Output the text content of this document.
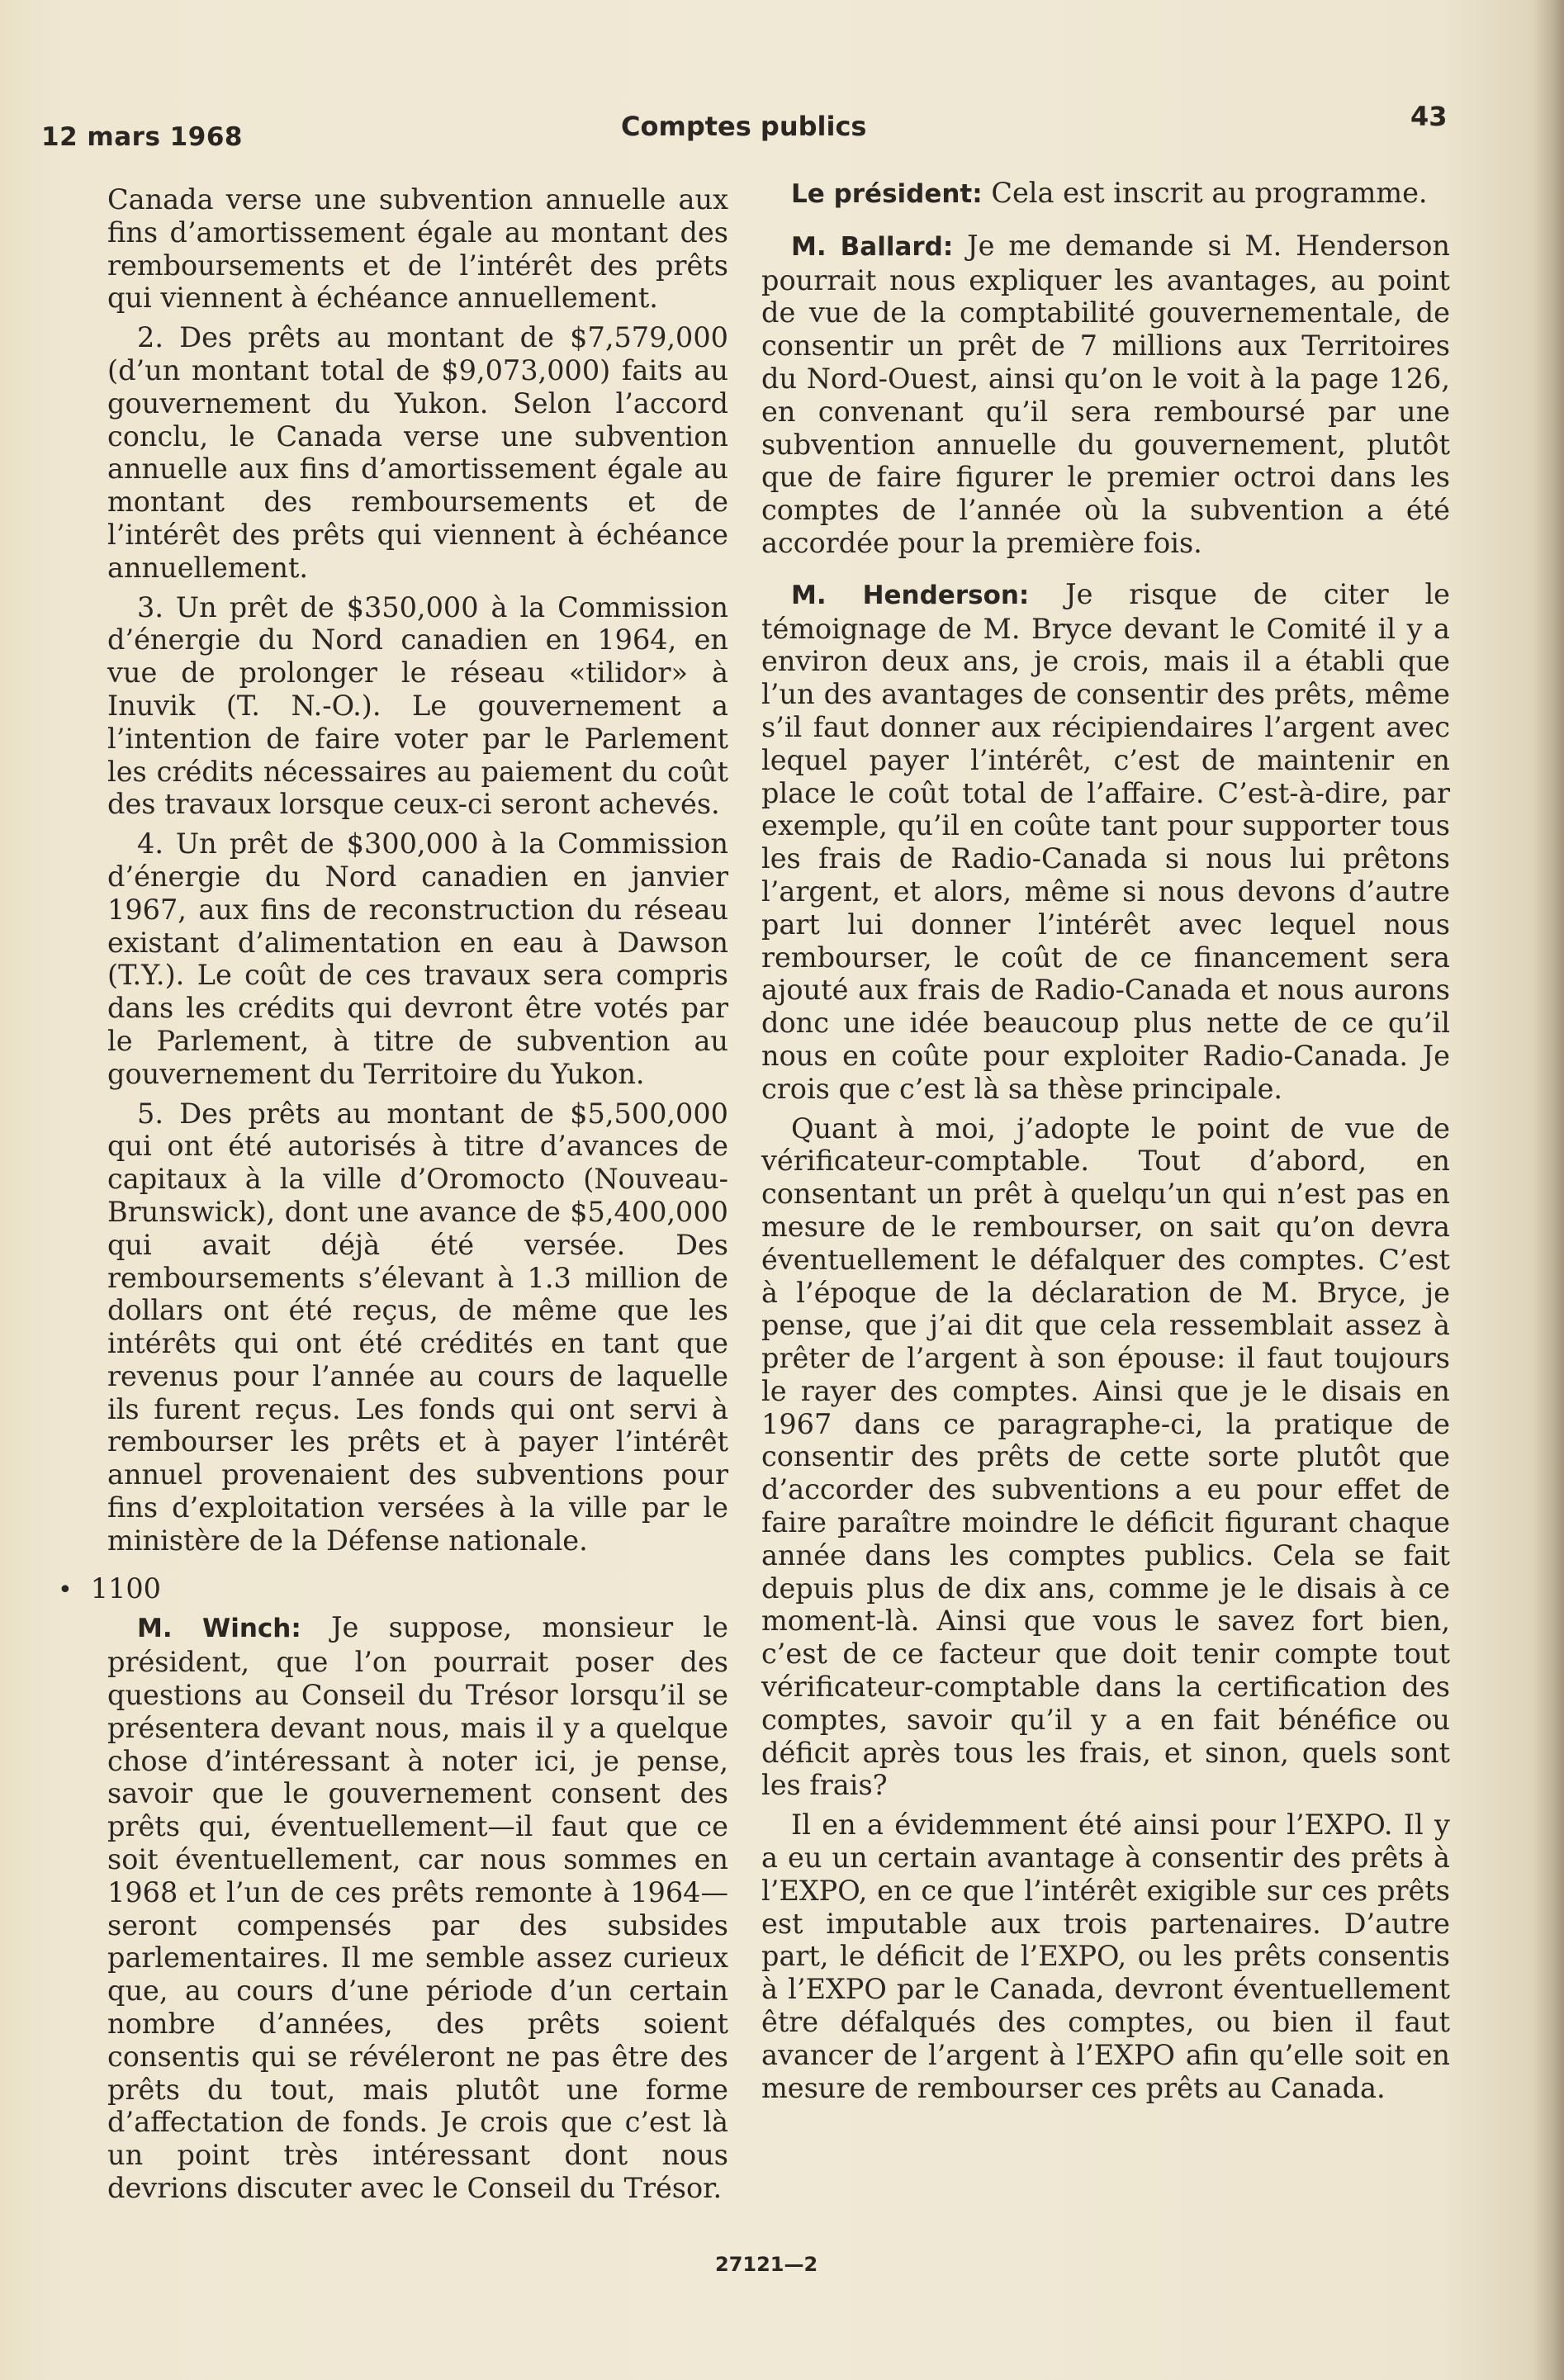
12 mars 1968	Comptes publics	43

Canada verse une subvention annuelle aux fins d’amortissement égale au montant des remboursements et de l’intérêt des prêts qui viennent à échéance annuellement.

2. Des prêts au montant de $7,579,000 (d’un montant total de $9,073,000) faits au gouvernement du Yukon. Selon l’accord conclu, le Canada verse une subvention annuelle aux fins d’amortissement égale au montant des remboursements et de l’intérêt des prêts qui viennent à échéance annuellement.

3. Un prêt de $350,000 à la Commission d’énergie du Nord canadien en 1964, en vue de prolonger le réseau «tilidor» à Inuvik (T. N.-O.). Le gouvernement a l’intention de faire voter par le Parlement les crédits nécessaires au paiement du coût des travaux lorsque ceux-ci seront achevés.

4. Un prêt de $300,000 à la Commission d’énergie du Nord canadien en janvier 1967, aux fins de reconstruction du réseau existant d’alimentation en eau à Dawson (T.Y.). Le coût de ces travaux sera compris dans les crédits qui devront être votés par le Parlement, à titre de subvention au gouvernement du Territoire du Yukon.

5. Des prêts au montant de $5,500,000 qui ont été autorisés à titre d’avances de capitaux à la ville d’Oromocto (Nouveau-Brunswick), dont une avance de $5,400,000 qui avait déjà été versée. Des remboursements s’élevant à 1.3 million de dollars ont été reçus, de même que les intérêts qui ont été crédités en tant que revenus pour l’année au cours de laquelle ils furent reçus. Les fonds qui ont servi à rembourser les prêts et à payer l’intérêt annuel provenaient des subventions pour fins d’exploitation versées à la ville par le ministère de la Défense nationale.

• 1100

M. Winch: Je suppose, monsieur le président, que l’on pourrait poser des questions au Conseil du Trésor lorsqu’il se présentera devant nous, mais il y a quelque chose d’intéressant à noter ici, je pense, savoir que le gouvernement consent des prêts qui, éventuellement—il faut que ce soit éventuellement, car nous sommes en 1968 et l’un de ces prêts remonte à 1964—seront compensés par des subsides parlementaires. Il me semble assez curieux que, au cours d’une période d’un certain nombre d’années, des prêts soient consentis qui se révéleront ne pas être des prêts du tout, mais plutôt une forme d’affectation de fonds. Je crois que c’est là un point très intéressant dont nous devrions discuter avec le Conseil du Trésor.

Le président: Cela est inscrit au programme.

M. Ballard: Je me demande si M. Henderson pourrait nous expliquer les avantages, au point de vue de la comptabilité gouvernementale, de consentir un prêt de 7 millions aux Territoires du Nord-Ouest, ainsi qu’on le voit à la page 126, en convenant qu’il sera remboursé par une subvention annuelle du gouvernement, plutôt que de faire figurer le premier octroi dans les comptes de l’année où la subvention a été accordée pour la première fois.

M. Henderson: Je risque de citer le témoignage de M. Bryce devant le Comité il y a environ deux ans, je crois, mais il a établi que l’un des avantages de consentir des prêts, même s’il faut donner aux récipiendaires l’argent avec lequel payer l’intérêt, c’est de maintenir en place le coût total de l’affaire. C’est-à-dire, par exemple, qu’il en coûte tant pour supporter tous les frais de Radio-Canada si nous lui prêtons l’argent, et alors, même si nous devons d’autre part lui donner l’intérêt avec lequel nous rembourser, le coût de ce financement sera ajouté aux frais de Radio-Canada et nous aurons donc une idée beaucoup plus nette de ce qu’il nous en coûte pour exploiter Radio-Canada. Je crois que c’est là sa thèse principale.

Quant à moi, j’adopte le point de vue de vérificateur-comptable. Tout d’abord, en consentant un prêt à quelqu’un qui n’est pas en mesure de le rembourser, on sait qu’on devra éventuellement le défalquer des comptes. C’est à l’époque de la déclaration de M. Bryce, je pense, que j’ai dit que cela ressemblait assez à prêter de l’argent à son épouse: il faut toujours le rayer des comptes. Ainsi que je le disais en 1967 dans ce paragraphe-ci, la pratique de consentir des prêts de cette sorte plutôt que d’accorder des subventions a eu pour effet de faire paraître moindre le déficit figurant chaque année dans les comptes publics. Cela se fait depuis plus de dix ans, comme je le disais à ce moment-là. Ainsi que vous le savez fort bien, c’est de ce facteur que doit tenir compte tout vérificateur-comptable dans la certification des comptes, savoir qu’il y a en fait bénéfice ou déficit après tous les frais, et sinon, quels sont les frais?

Il en a évidemment été ainsi pour l’EXPO. Il y a eu un certain avantage à consentir des prêts à l’EXPO, en ce que l’intérêt exigible sur ces prêts est imputable aux trois partenaires. D’autre part, le déficit de l’EXPO, ou les prêts consentis à l’EXPO par le Canada, devront éventuellement être défalqués des comptes, ou bien il faut avancer de l’argent à l’EXPO afin qu’elle soit en mesure de rembourser ces prêts au Canada.

27121—2
